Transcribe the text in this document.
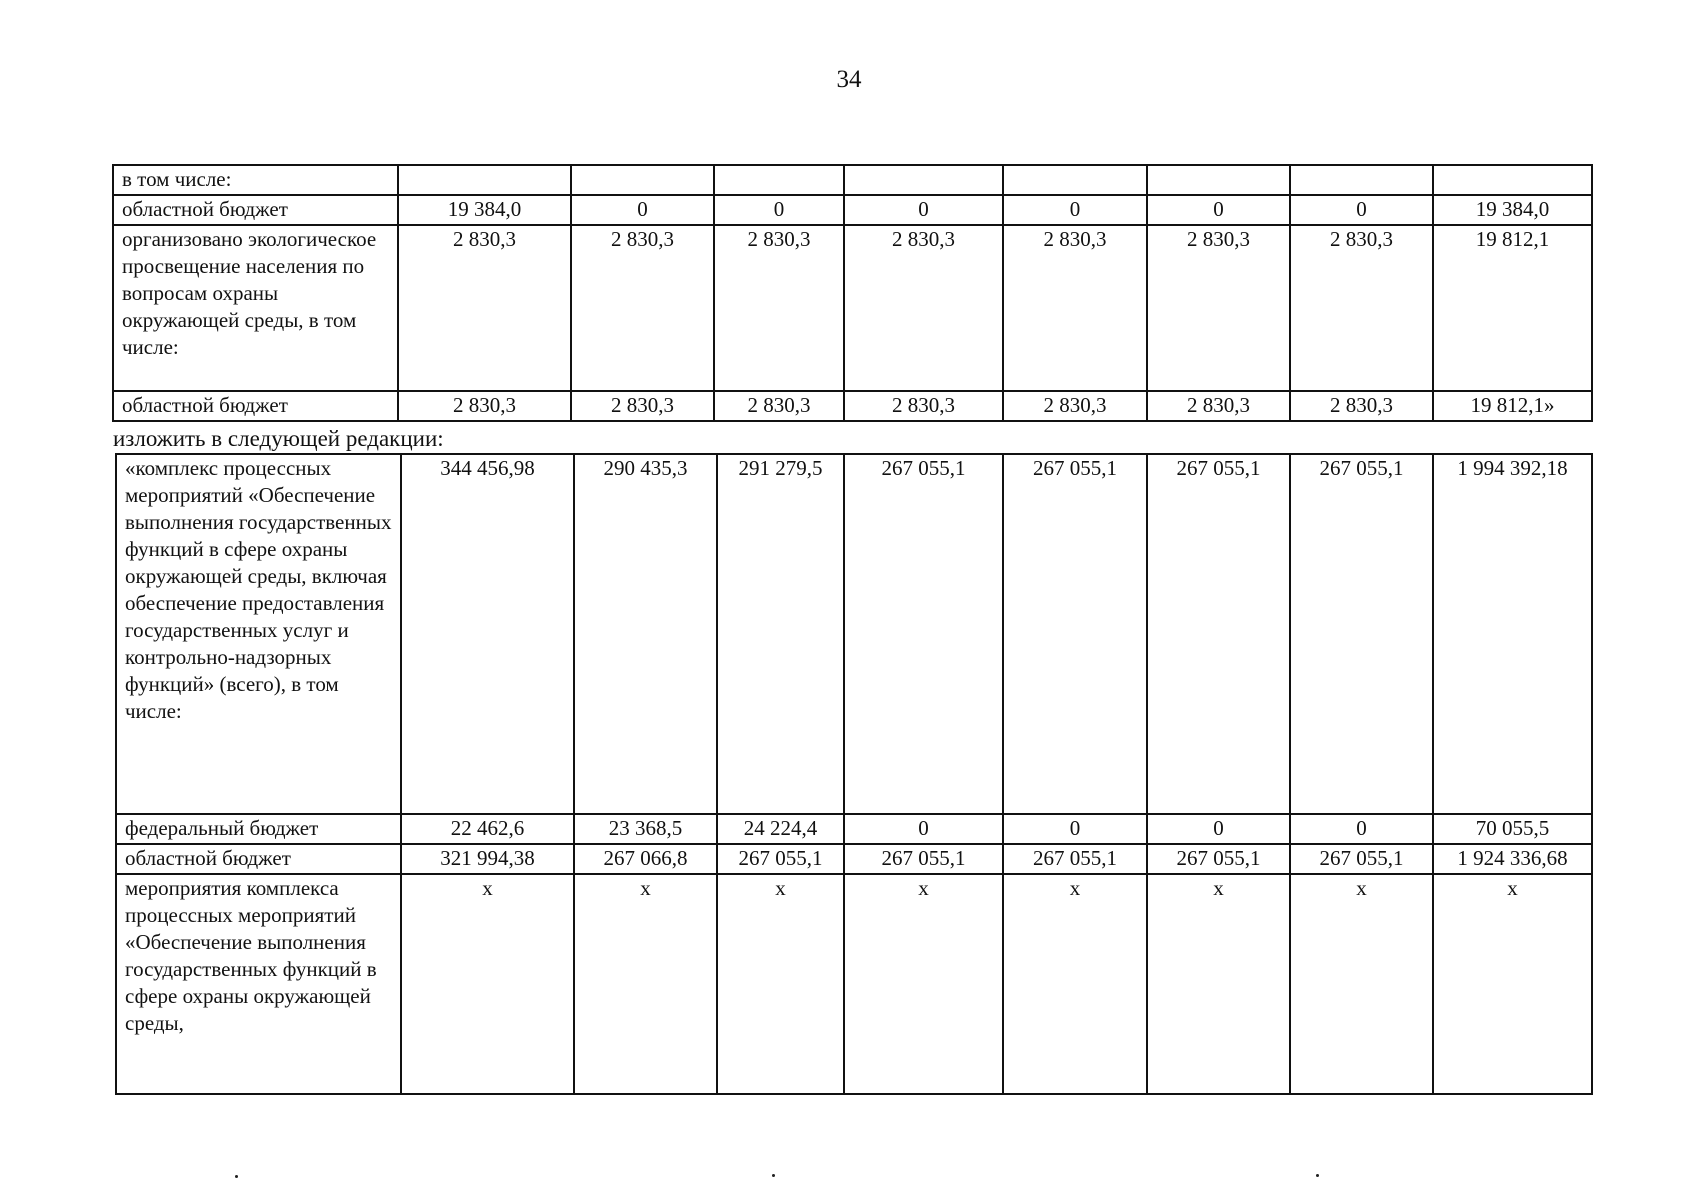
34
в том числе:								
областной бюджет	19 384,0	0	0	0	0	0	0	19 384,0
организовано экологическое просвещение населения по вопросам охраны окружающей среды, в том числе:	2 830,3	2 830,3	2 830,3	2 830,3	2 830,3	2 830,3	2 830,3	19 812,1
областной бюджет	2 830,3	2 830,3	2 830,3	2 830,3	2 830,3	2 830,3	2 830,3	19 812,1»
изложить в следующей редакции:
«комплекс процессных мероприятий «Обеспечение выполнения государственных функций в сфере охраны окружающей среды, включая обеспечение предоставления государственных услуг и контрольно-надзорных функций» (всего), в том числе:	344 456,98	290 435,3	291 279,5	267 055,1	267 055,1	267 055,1	267 055,1	1 994 392,18
федеральный бюджет	22 462,6	23 368,5	24 224,4	0	0	0	0	70 055,5
областной бюджет	321 994,38	267 066,8	267 055,1	267 055,1	267 055,1	267 055,1	267 055,1	1 924 336,68
мероприятия комплекса процессных мероприятий «Обеспечение выполнения государственных функций в сфере охраны окружающей среды,	х	х	х	х	х	х	х	х
